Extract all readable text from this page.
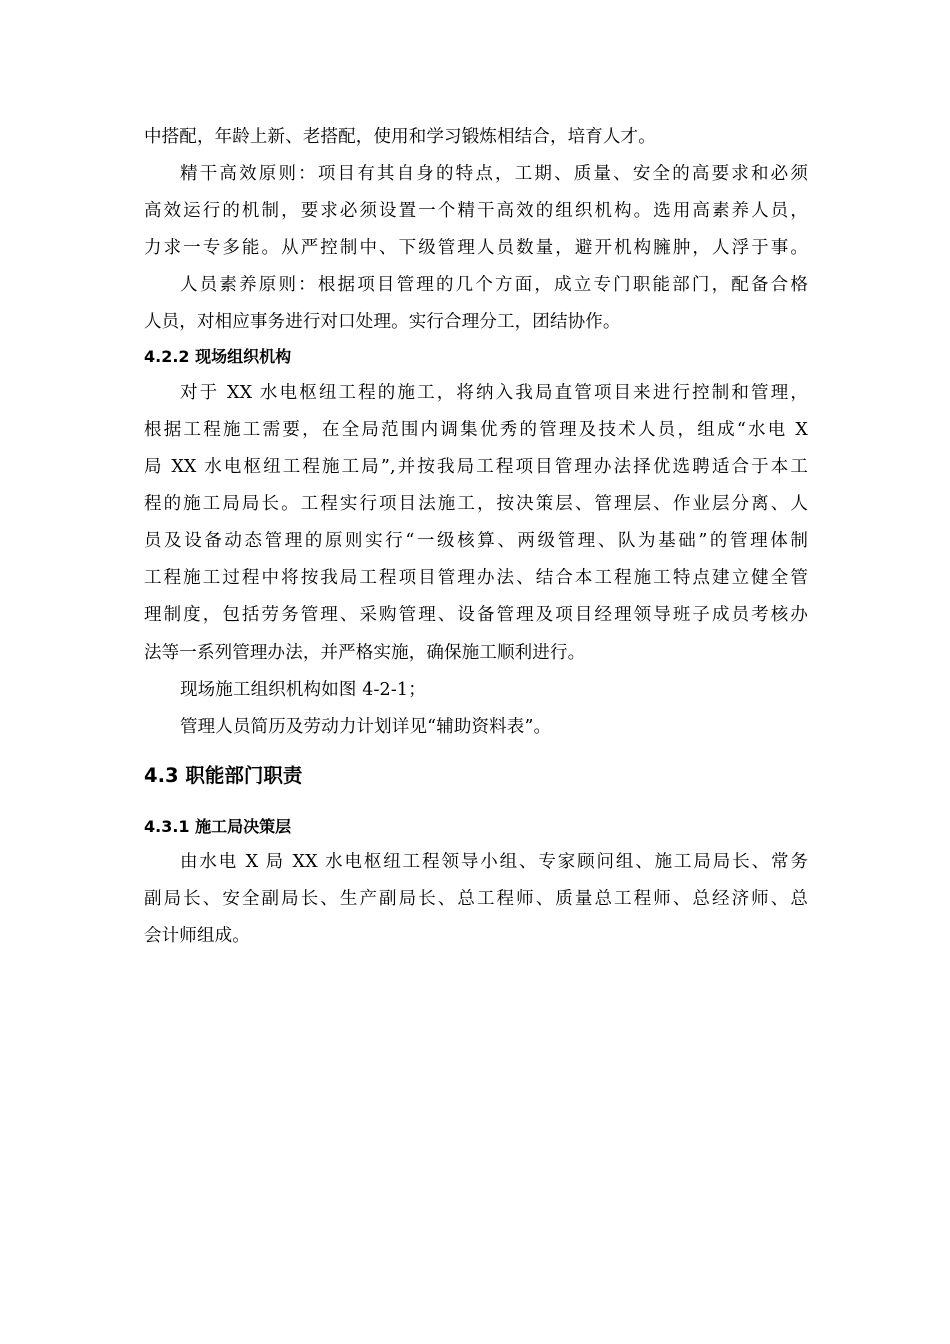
中搭配，年龄上新、老搭配，使用和学习锻炼相结合，培育人才。
精干高效原则：项目有其自身的特点，工期、质量、安全的高要求和必须
高效运行的机制，要求必须设置一个精干高效的组织机构。选用高素养人员，
力求一专多能。从严控制中、下级管理人员数量，避开机构臃肿，人浮于事。
人员素养原则：根据项目管理的几个方面，成立专门职能部门，配备合格
人员，对相应事务进行对口处理。实行合理分工，团结协作。
4.2.2 现场组织机构
对于 XX 水电枢纽工程的施工，将纳入我局直管项目来进行控制和管理，
根据工程施工需要，在全局范围内调集优秀的管理及技术人员，组成“水电 X
局 XX 水电枢纽工程施工局”,并按我局工程项目管理办法择优选聘适合于本工
程的施工局局长。工程实行项目法施工，按决策层、管理层、作业层分离、人
员及设备动态管理的原则实行“一级核算、两级管理、队为基础”的管理体制
工程施工过程中将按我局工程项目管理办法、结合本工程施工特点建立健全管
理制度，包括劳务管理、采购管理、设备管理及项目经理领导班子成员考核办
法等一系列管理办法，并严格实施，确保施工顺利进行。
现场施工组织机构如图 4-2-1；
管理人员简历及劳动力计划详见“辅助资料表”。
4.3 职能部门职责
4.3.1 施工局决策层
由水电 X 局 XX 水电枢纽工程领导小组、专家顾问组、施工局局长、常务
副局长、安全副局长、生产副局长、总工程师、质量总工程师、总经济师、总
会计师组成。
